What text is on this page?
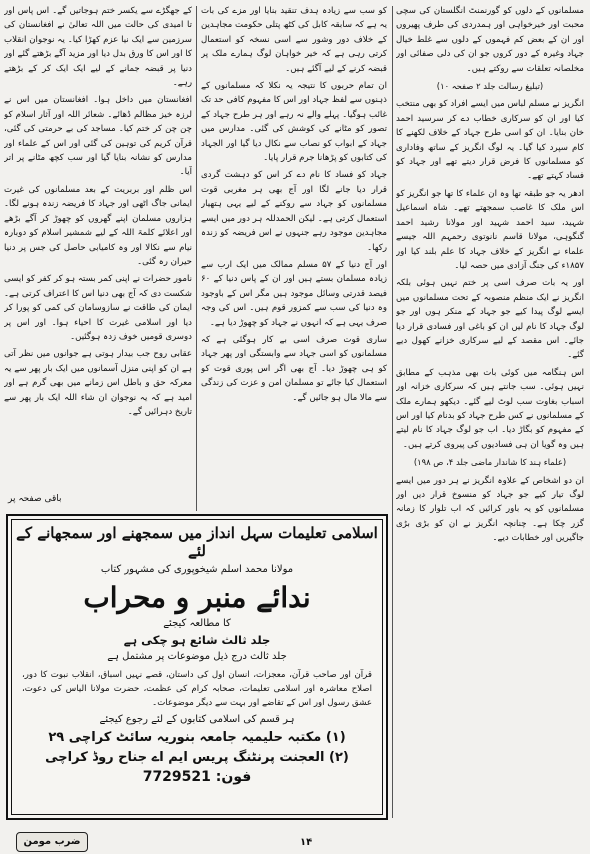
مسلمانوں کے دلوں کو گورنمنٹ انگلستان کی سچی محبت اور خیرخواہی اور ہمدردی کی طرف پھیروں اور ان کے بعض کم فہموں کے دلوں سے غلط خیال جہاد وغیرہ کے دور کروں جو ان کی دلی صفائی اور مخلصانہ تعلقات سے روکتے ہیں۔

(تبلیغ رسالت جلد ۲ صفحہ ۱۰)

انگریز نے مسلم لباس میں ایسے افراد کو بھی منتخب کیا اور ان کو سرکاری خطاب دے کر سرسید احمد خان بنایا۔ ان کو اسی طرح جہاد کے خلاف لکھنے کا کام سپرد کیا گیا۔ یہ لوگ انگریز کے ساتھ وفاداری کو مسلمانوں کا فرض قرار دیتے تھے اور جہاد کو فساد کہتے تھے۔

ادھر یہ جو طبقہ تھا وہ ان علماء کا تھا جو انگریز کو اس ملک کا غاصب سمجھتے تھے۔ شاہ اسماعیل شہید، سید احمد شہید اور مولانا رشید احمد گنگوہی، مولانا قاسم نانوتوی رحمہم اللہ جیسے علماء نے انگریز کے خلاف جہاد کا علم بلند کیا اور ۱۸۵۷ء کی جنگ آزادی میں حصہ لیا۔

اور یہ بات صرف اسی پر ختم نہیں ہوئی بلکہ انگریز نے ایک منظم منصوبہ کے تحت مسلمانوں میں ایسے لوگ پیدا کیے جو جہاد کے منکر ہوں اور جو لوگ جہاد کا نام لیں ان کو باغی اور فسادی قرار دیا جائے۔ اس مقصد کے لیے سرکاری خزانے کھول دیے گئے۔

اس ہنگامہ میں کوئی بات بھی مذہب کے مطابق نہیں ہوئی۔ سب جانتے ہیں کہ سرکاری خزانہ اور اسباب بغاوت سب لوٹ لیے گئے۔ دیکھو ہمارے ملک کے مسلمانوں نے کس طرح جہاد کو بدنام کیا اور اس کے مفہوم کو بگاڑ دیا۔ اب جو لوگ جہاد کا نام لیتے ہیں وہ گویا ان ہی فسادیوں کی پیروی کرتے ہیں۔

(علماء ہند کا شاندار ماضی جلد ۴، ص ۱۹۸)

ان دو اشخاص کے علاوہ انگریز نے ہر دور میں ایسے لوگ تیار کیے جو جہاد کو منسوخ قرار دیں اور مسلمانوں کو یہ باور کرائیں کہ اب تلوار کا زمانہ گزر چکا ہے۔ چنانچہ انگریز نے ان کو بڑی بڑی جاگیریں اور خطابات دیے۔

کو سب سے زیادہ ہدف تنقید بنایا اور مزے کی بات یہ ہے کہ سابقہ کابل کی کٹھ پتلی حکومت مجاہدین کے خلاف دور وشور سے اسی نسخہ کو استعمال کرتی رہی ہے کہ خیر خواہان لوگ ہمارے ملک پر قبضہ کرنے کے لیے آگئے ہیں۔

ان تمام حربوں کا نتیجہ یہ نکلا کہ مسلمانوں کے ذہنوں سے لفظ جہاد اور اس کا مفہوم کافی حد تک غائب ہوگیا۔ پہلے والے نہ رہے اور ہر طرح جہاد کے تصور کو مٹانے کی کوشش کی گئی۔ مدارس میں جہاد کے ابواب کو نصاب سے نکال دیا گیا اور الجہاد کی کتابوں کو پڑھانا جرم قرار پایا۔

جہاد کو فساد کا نام دے کر اس کو دہشت گردی قرار دیا جانے لگا اور آج بھی ہر مغربی قوت مسلمانوں کو جہاد سے روکنے کے لیے یہی ہتھیار استعمال کرتی ہے۔ لیکن الحمدللہ ہر دور میں ایسے مجاہدین موجود رہے جنہوں نے اس فریضہ کو زندہ رکھا۔

اور آج دنیا کے ۵۷ مسلم ممالک میں ایک ارب سے زیادہ مسلمان بستے ہیں اور ان کے پاس دنیا کے ۶۰ فیصد قدرتی وسائل موجود ہیں مگر اس کے باوجود وہ دنیا کی سب سے کمزور قوم ہیں۔ اس کی وجہ صرف یہی ہے کہ انہوں نے جہاد کو چھوڑ دیا ہے۔

ساری قوت صرف اسی بے کار ہوگئی ہے کہ مسلمانوں کو اسی جہاد سے وابستگی اور پھر جہاد کو ہی چھوڑ دیا۔ آج بھی اگر اس پوری قوت کو استعمال کیا جائے تو مسلمان امن و عزت کی زندگی سے مالا مال ہو جائیں گے۔

کے جھگڑے سے یکسر ختم ہوجاتیں گے۔ اس پاس اور تا امیدی کی حالت میں اللہ تعالیٰ نے افغانستان کی سرزمین سے ایک نیا عزم کھڑا کیا۔ یہ نوجوان انقلاب کا اور اس کا ورق بدل دیا اور مزید آگے بڑھتے گئے اور دنیا پر قبضہ جمانے کے لیے ایک ایک کر کے بڑھتے رہے۔

افغانستان میں داخل ہوا۔ افغانستان میں اس نے لرزہ خیز مظالم ڈھائے۔ شعائر اللہ اور آثار اسلام کو چن چن کر ختم کیا۔ مساجد کی بے حرمتی کی گئی، قرآن کریم کی توہین کی گئی اور اس کے علماء اور مدارس کو نشانہ بنایا گیا اور سب کچھ مٹانے پر اتر آیا۔

اس ظلم اور بربریت کے بعد مسلمانوں کی غیرت ایمانی جاگ اٹھی اور جہاد کا فریضہ زندہ ہونے لگا۔ ہزاروں مسلمان اپنے گھروں کو چھوڑ کر آگے بڑھے اور اعلائے کلمۃ اللہ کے لیے شمشیر اسلام کو دوبارہ نیام سے نکالا اور وہ کامیابی حاصل کی جس پر دنیا حیران رہ گئی۔

نامور حضرات نے اپنی کمر بستہ ہو کر کفر کو ایسی شکست دی کہ آج بھی دنیا اس کا اعتراف کرتی ہے۔ ایمان کی طاقت نے سازوسامان کی کمی کو پورا کر دیا اور اسلامی غیرت کا احیاء ہوا۔ اور اس پر دوسری قومیں خوف زدہ ہوگئیں۔

عقابی روح جب بیدار ہوتی ہے جوانوں میں نظر آتی ہے ان کو اپنی منزل آسمانوں میں ایک بار پھر سے یہ معرکہ حق و باطل اس زمانے میں بھی گرم ہے اور امید ہے کہ یہ نوجوان ان شاء اللہ ایک بار پھر سے تاریخ دہرائیں گے۔

باقی صفحہ پر
اسلامی تعلیمات سہل انداز میں سمجھنے اور سمجھانے کے لئے
مولانا محمد اسلم شیخوپوری کی مشہور کتاب
ندائے منبر و محراب
کا مطالعہ کیجئے
جلد ثالث شائع ہو چکی ہے
جلد ثالث درج ذیل موضوعات پر مشتمل ہے
قرآن اور صاحب قرآن، معجزات، انسان اول کی داستان، قصے نہیں اسباق، انقلاب نبوت کا دور، اصلاح معاشرہ اور اسلامی تعلیمات، صحابہ کرام کی عظمت، حضرت مولانا الیاس کی دعوت، عشق رسول اور اس کے تقاضے اور بہت سے دیگر موضوعات۔
ہر قسم کی اسلامی کتابوں کے لئے رجوع کیجئے
(۱) مکتبہ حلیمیہ جامعہ بنوریہ سائٹ کراچی ۲۹
(۲) العجنت پرنٹنگ پریس ایم اے جناح روڈ کراچی
فون: 7729521
ضرب مومن	۱۴
